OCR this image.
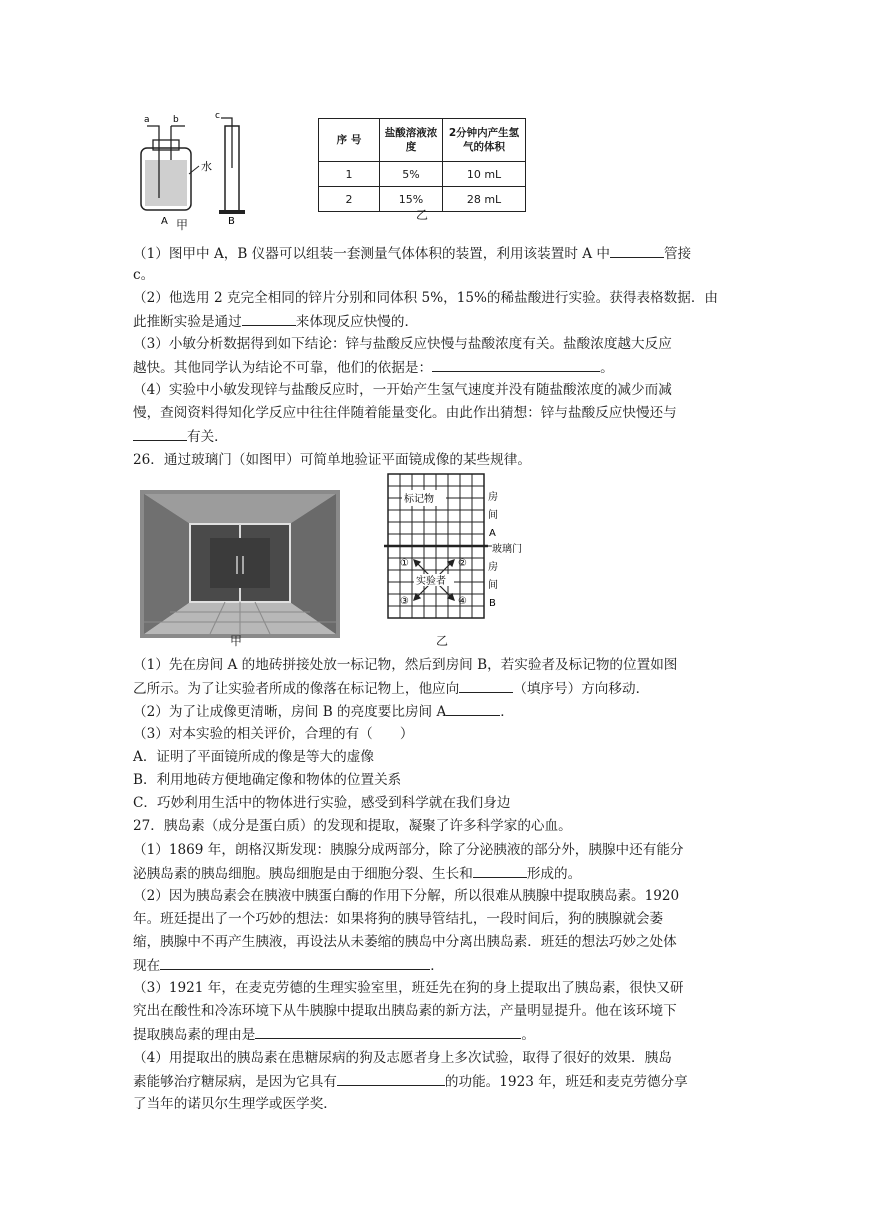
a	b	c
水
A	B
甲
序 号	盐酸溶液浓度	2分钟内产生氢气的体积
1	5%	10 mL
2	15%	28 mL
乙
（1）图甲中 A，B 仪器可以组装一套测量气体体积的装置，利用该装置时 A 中	管接
c。
（2）他选用 2 克完全相同的锌片分别和同体积 5%，15%的稀盐酸进行实验。获得表格数据．由
此推断实验是通过	来体现反应快慢的．
（3）小敏分析数据得到如下结论：锌与盐酸反应快慢与盐酸浓度有关。盐酸浓度越大反应
越快。其他同学认为结论不可靠，他们的依据是：	。
（4）实验中小敏发现锌与盐酸反应时，一开始产生氢气速度并没有随盐酸浓度的减少而减
慢，查阅资料得知化学反应中往往伴随着能量变化。由此作出猜想：锌与盐酸反应快慢还与
有关．
26．通过玻璃门（如图甲）可简单地验证平面镜成像的某些规律。
甲
标记物	房
间
A
玻璃门
房
间
B
实验者
①	②
③	④
乙
（1）先在房间 A 的地砖拼接处放一标记物，然后到房间 B，若实验者及标记物的位置如图
乙所示。为了让实验者所成的像落在标记物上，他应向	（填序号）方向移动．
（2）为了让成像更清晰，房间 B 的亮度要比房间 A	．
（3）对本实验的相关评价，合理的有（　　）
A．证明了平面镜所成的像是等大的虚像
B．利用地砖方便地确定像和物体的位置关系
C．巧妙利用生活中的物体进行实验，感受到科学就在我们身边
27．胰岛素（成分是蛋白质）的发现和提取，凝聚了许多科学家的心血。
（1）1869 年，朗格汉斯发现：胰腺分成两部分，除了分泌胰液的部分外，胰腺中还有能分
泌胰岛素的胰岛细胞。胰岛细胞是由于细胞分裂、生长和	形成的。
（2）因为胰岛素会在胰液中胰蛋白酶的作用下分解，所以很难从胰腺中提取胰岛素。1920
年。班廷提出了一个巧妙的想法：如果将狗的胰导管结扎，一段时间后，狗的胰腺就会萎
缩，胰腺中不再产生胰液，再设法从未萎缩的胰岛中分离出胰岛素．班廷的想法巧妙之处体
现在	．
（3）1921 年，在麦克劳德的生理实验室里，班廷先在狗的身上提取出了胰岛素，很快又研
究出在酸性和冷冻环境下从牛胰腺中提取出胰岛素的新方法，产量明显提升。他在该环境下
提取胰岛素的理由是	。
（4）用提取出的胰岛素在患糖尿病的狗及志愿者身上多次试验，取得了很好的效果．胰岛
素能够治疗糖尿病，是因为它具有	的功能。1923 年，班廷和麦克劳德分享
了当年的诺贝尔生理学或医学奖．
